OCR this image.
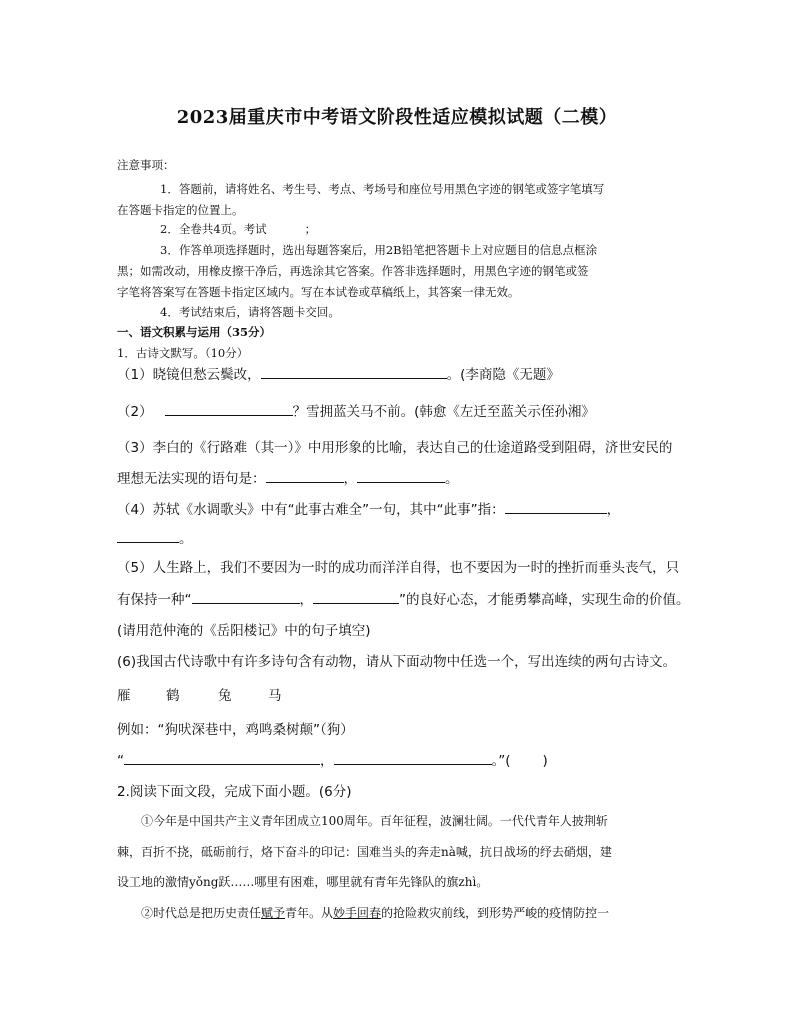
2023届重庆市中考语文阶段性适应模拟试题（二模）
注意事项：
1．答题前，请将姓名、考生号、考点、考场号和座位号用黑色字迹的钢笔或签字笔填写
在答题卡指定的位置上。
2．全卷共4页。考试	；
3．作答单项选择题时，选出每题答案后，用2B铅笔把答题卡上对应题目的信息点框涂
黑；如需改动，用橡皮擦干净后，再选涂其它答案。作答非选择题时，用黑色字迹的钢笔或签
字笔将答案写在答题卡指定区域内。写在本试卷或草稿纸上，其答案一律无效。
4．考试结束后，请将答题卡交回。
一、语文积累与运用（35分）
1．古诗文默写。（10分）
（1）晓镜但愁云鬓改，	。(李商隐《无题》
（2）	？雪拥蓝关马不前。(韩愈《左迁至蓝关示侄孙湘》
（3）李白的《行路难（其一）》中用形象的比喻，表达自己的仕途道路受到阻碍，济世安民的
理想无法实现的语句是：	，	。
（4）苏轼《水调歌头》中有“此事古难全”一句，其中“此事”指：	，
。
（5）人生路上，我们不要因为一时的成功而洋洋自得，也不要因为一时的挫折而垂头丧气，只
有保持一种“	，	”的良好心态，才能勇攀高峰，实现生命的价值。
(请用范仲淹的《岳阳楼记》中的句子填空)
(6)我国古代诗歌中有许多诗句含有动物，请从下面动物中任选一个，写出连续的两句古诗文。
雁	鹤	兔	马
例如：“狗吠深巷中，鸡鸣桑树颠”（狗）
“	，	。”( )
2.阅读下面文段，完成下面小题。(6分)
①今年是中国共产主义青年团成立100周年。百年征程，波澜壮阔。一代代青年人披荆斩
棘，百折不挠，砥砺前行，烙下奋斗的印记：国难当头的奔走nà喊，抗日战场的纾去硝烟，建
设工地的激情yǒng跃……哪里有困难，哪里就有青年先锋队的旗zhì。
②时代总是把历史责任赋予青年。从妙手回春的抢险救灾前线，到形势严峻的疫情防控一
